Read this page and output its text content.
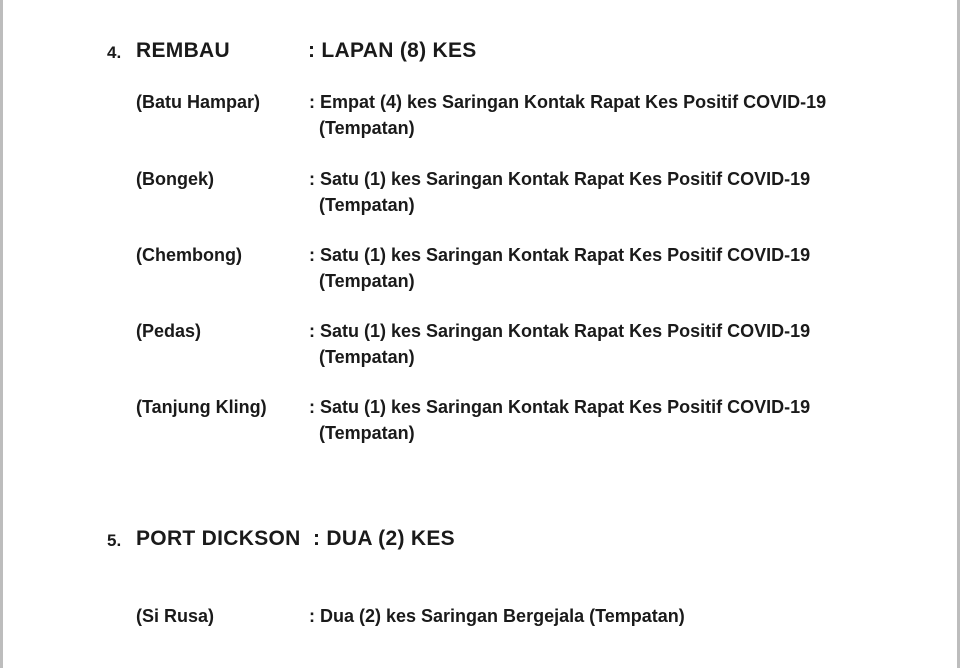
4. REMBAU	: LAPAN (8) KES
(Batu Hampar)	: Empat (4) kes Saringan Kontak Rapat Kes Positif COVID-19
(Tempatan)
(Bongek)	: Satu (1) kes Saringan Kontak Rapat Kes Positif COVID-19
(Tempatan)
(Chembong)	: Satu (1) kes Saringan Kontak Rapat Kes Positif COVID-19
(Tempatan)
(Pedas)	: Satu (1) kes Saringan Kontak Rapat Kes Positif COVID-19
(Tempatan)
(Tanjung Kling) : Satu (1) kes Saringan Kontak Rapat Kes Positif COVID-19
(Tempatan)
5. PORT DICKSON : DUA (2) KES
(Si Rusa)	: Dua (2) kes Saringan Bergejala (Tempatan)
